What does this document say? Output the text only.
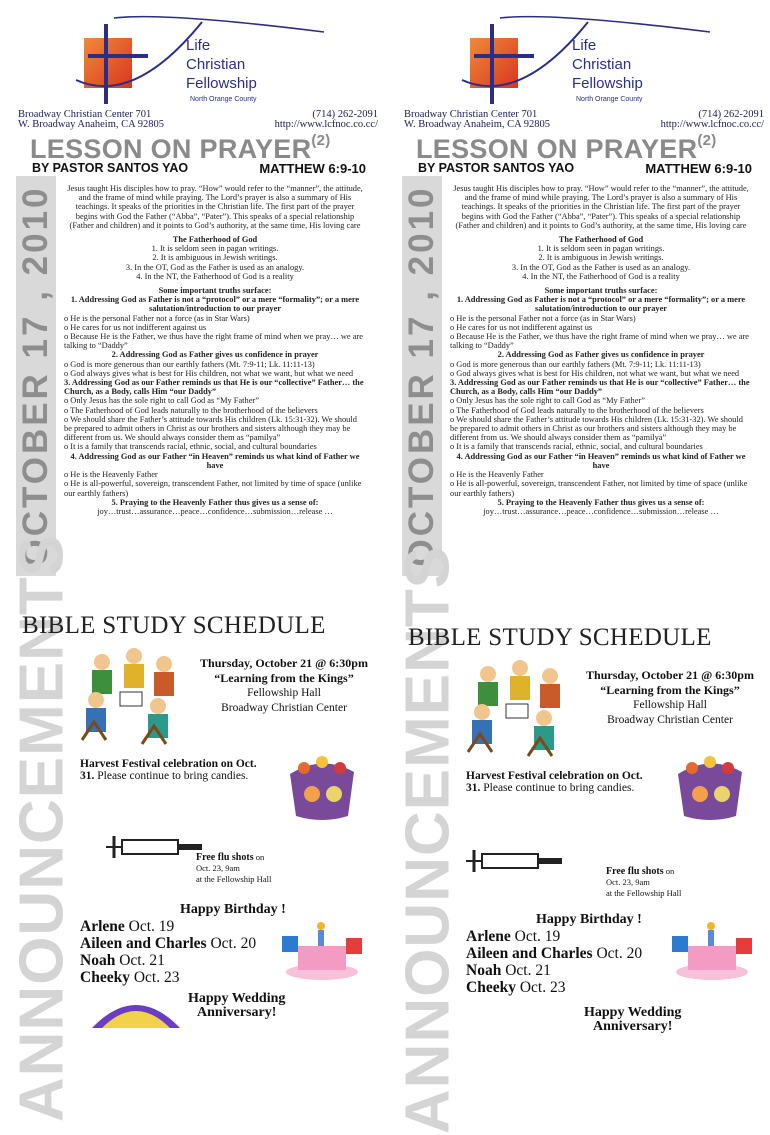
Life
Christian
Fellowship
North Orange County
Broadway Christian Center 701
W. Broadway Anaheim, CA 92805
(714) 262-2091
http://www.lcfnoc.co.cc/
LESSON ON PRAYER$^{(2)}$
BY PASTOR SANTOS YAO	MATTHEW 6:9-10
OCTOBER 17 , 2010	Jesus taught His disciples how to pray. “How” would refer to the “manner”, the attitude, and the frame of mind while praying. The Lord’s prayer is also a summary of His teachings. It speaks of the priorities in the Christian life. The first part of the prayer begins with God the Father (“Abba”, “Pater”). This speaks of a special relationship (Father and children) and it points to God’s authority, at the same time, His loving care

The Fatherhood of God

1. It is seldom seen in pagan writings.

2. It is ambiguous in Jewish writings.

3. In the OT, God as the Father is used as an analogy.

4. In the NT, the Fatherhood of God is a reality

Some important truths surface:

1. Addressing God as Father is not a “protocol” or a mere “formality”; or a mere salutation/introduction to our prayer

o He is the personal Father not a force (as in Star Wars)

o He cares for us not indifferent against us

o Because He is the Father, we thus have the right frame of mind when we pray… we are talking to “Daddy”

2. Addressing God as Father gives us confidence in prayer

o God is more generous than our earthly fathers (Mt. 7:9-11; Lk. 11:11-13)

o God always gives what is best for His children, not what we want, but what we need

3. Addressing God as our Father reminds us that He is our “collective” Father… the Church, as a Body, calls Him “our Daddy”

o Only Jesus has the sole right to call God as “My Father”

o The Fatherhood of God leads naturally to the brotherhood of the believers

o We should share the Father’s attitude towards His children (Lk. 15:31-32). We should be prepared to admit others in Christ as our brothers and sisters although they may be different from us. We should always consider them as “pamilya”

o It is a family that transcends racial, ethnic, social, and cultural boundaries

4. Addressing God as our Father “in Heaven” reminds us what kind of Father we have

o He is the Heavenly Father

o He is all-powerful, sovereign, transcendent Father, not limited by time of space (unlike our earthly fathers)

5. Praying to the Heavenly Father thus gives us a sense of:

joy…trust…assurance…peace…confidence…submission…release …

Life
Christian
Fellowship
North Orange County
Broadway Christian Center 701
W. Broadway Anaheim, CA 92805
(714) 262-2091
http://www.lcfnoc.co.cc/
LESSON ON PRAYER$^{(2)}$
BY PASTOR SANTOS YAO	MATTHEW 6:9-10
OCTOBER 17 , 2010	Jesus taught His disciples how to pray. “How” would refer to the “manner”, the attitude, and the frame of mind while praying. The Lord’s prayer is also a summary of His teachings. It speaks of the priorities in the Christian life. The first part of the prayer begins with God the Father (“Abba”, “Pater”). This speaks of a special relationship (Father and children) and it points to God’s authority, at the same time, His loving care

The Fatherhood of God

1. It is seldom seen in pagan writings.

2. It is ambiguous in Jewish writings.

3. In the OT, God as the Father is used as an analogy.

4. In the NT, the Fatherhood of God is a reality

Some important truths surface:

1. Addressing God as Father is not a “protocol” or a mere “formality”; or a mere salutation/introduction to our prayer

o He is the personal Father not a force (as in Star Wars)

o He cares for us not indifferent against us

o Because He is the Father, we thus have the right frame of mind when we pray… we are talking to “Daddy”

2. Addressing God as Father gives us confidence in prayer

o God is more generous than our earthly fathers (Mt. 7:9-11; Lk. 11:11-13)

o God always gives what is best for His children, not what we want, but what we need

3. Addressing God as our Father reminds us that He is our “collective” Father… the Church, as a Body, calls Him “our Daddy”

o Only Jesus has the sole right to call God as “My Father”

o The Fatherhood of God leads naturally to the brotherhood of the believers

o We should share the Father’s attitude towards His children (Lk. 15:31-32). We should be prepared to admit others in Christ as our brothers and sisters although they may be different from us. We should always consider them as “pamilya”

o It is a family that transcends racial, ethnic, social, and cultural boundaries

4. Addressing God as our Father “in Heaven” reminds us what kind of Father we have

o He is the Heavenly Father

o He is all-powerful, sovereign, transcendent Father, not limited by time of space (unlike our earthly fathers)

5. Praying to the Heavenly Father thus gives us a sense of:

joy…trust…assurance…peace…confidence…submission…release …

ANNOUNCEMENTS
BIBLE STUDY SCHEDULE
Thursday, October 21 @ 6:30pm
“Learning from the Kings”
Fellowship Hall
Broadway Christian Center
Harvest Festival celebration on Oct. 31. Please continue to bring candies.
Free flu shots on
Oct. 23, 9am
at the Fellowship Hall
Happy Birthday !
Arlene Oct. 19
Aileen and Charles Oct. 20
Noah Oct. 21
Cheeky Oct. 23
Happy Wedding
Anniversary! ANNOUNCEMENTS
BIBLE STUDY SCHEDULE
Thursday, October 21 @ 6:30pm
“Learning from the Kings”
Fellowship Hall
Broadway Christian Center
Harvest Festival celebration on Oct. 31. Please continue to bring candies.
Free flu shots on
Oct. 23, 9am
at the Fellowship Hall
Happy Birthday !
Arlene Oct. 19
Aileen and Charles Oct. 20
Noah Oct. 21
Cheeky Oct. 23
Happy Wedding
Anniversary!
